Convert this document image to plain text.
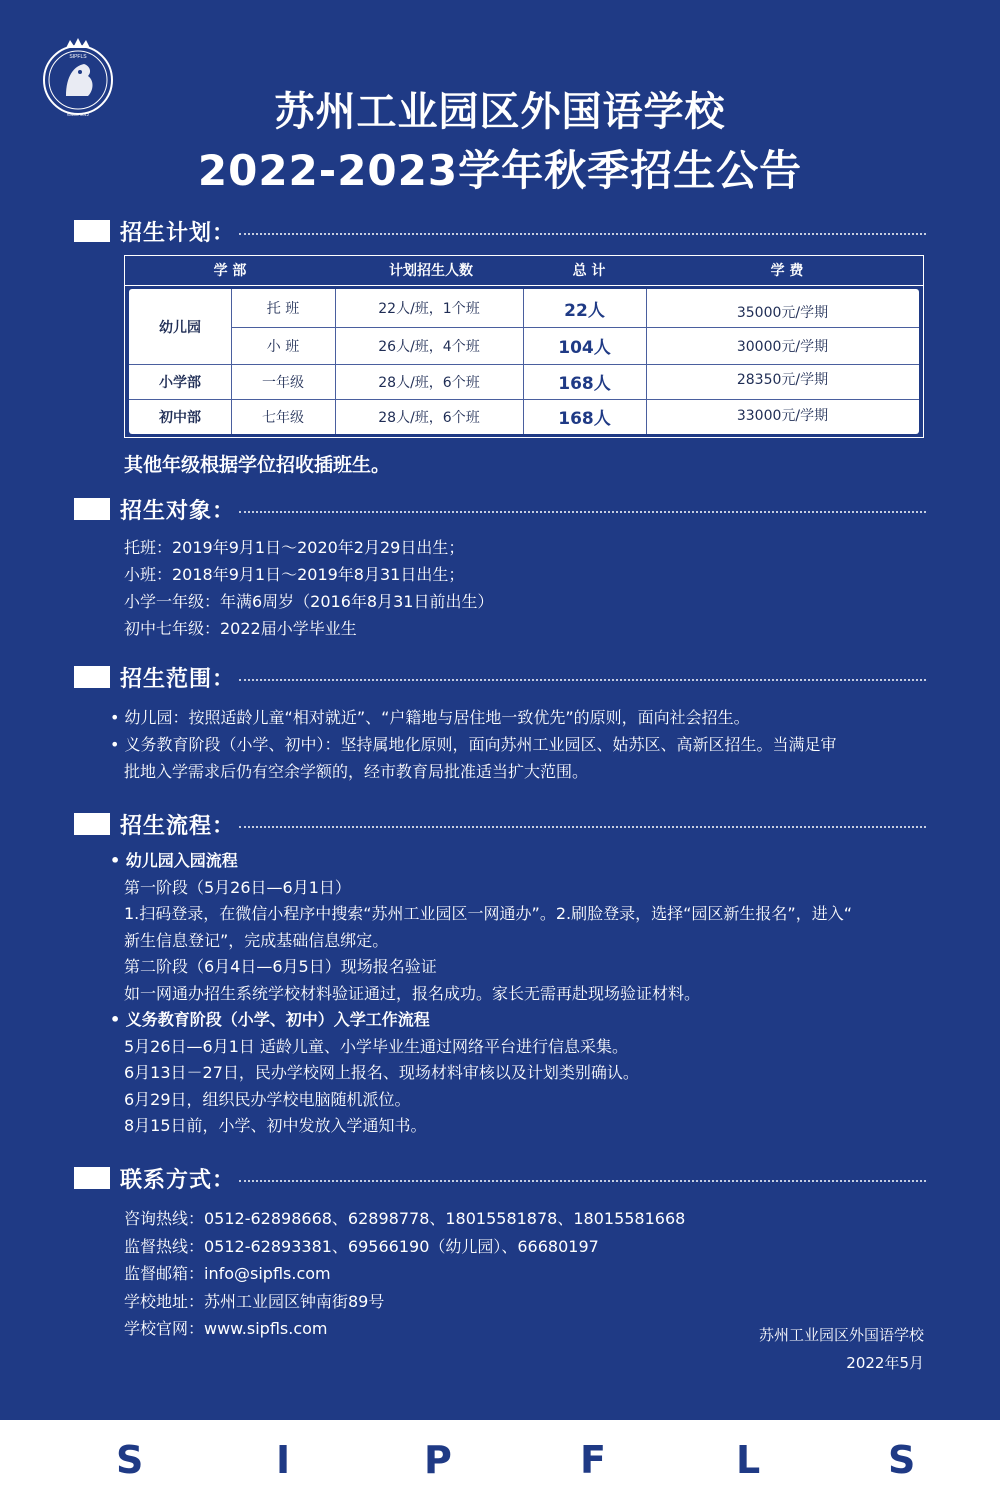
SIPFLS
SINCE 2012	苏州工业园区外国语学校
2022-2023学年秋季招生公告
招生计划：
学 部	计划招生人数	总 计	学 费
幼儿园
托 班	22人/班，1个班	22人	35000元/学期
小 班	26人/班，4个班	104人	30000元/学期
小学部	一年级	28人/班，6个班	168人	28350元/学期
初中部	七年级	28人/班，6个班	168人	33000元/学期
其他年级根据学位招收插班生。
招生对象：
托班：2019年9月1日～2020年2月29日出生；
小班：2018年9月1日～2019年8月31日出生；
小学一年级：年满6周岁（2016年8月31日前出生）
初中七年级：2022届小学毕业生
招生范围：
• 幼儿园：按照适龄儿童“相对就近”、“户籍地与居住地一致优先”的原则，面向社会招生。
• 义务教育阶段（小学、初中）：坚持属地化原则，面向苏州工业园区、姑苏区、高新区招生。当满足审
批地入学需求后仍有空余学额的，经市教育局批准适当扩大范围。
招生流程：
• 幼儿园入园流程
第一阶段（5月26日—6月1日）
1.扫码登录，在微信小程序中搜索“苏州工业园区一网通办”。2.刷脸登录，选择“园区新生报名”，进入“
新生信息登记”，完成基础信息绑定。
第二阶段（6月4日—6月5日）现场报名验证
如一网通办招生系统学校材料验证通过，报名成功。家长无需再赴现场验证材料。
• 义务教育阶段（小学、初中）入学工作流程
5月26日—6月1日 适龄儿童、小学毕业生通过网络平台进行信息采集。
6月13日－27日，民办学校网上报名、现场材料审核以及计划类别确认。
6月29日，组织民办学校电脑随机派位。
8月15日前，小学、初中发放入学通知书。
联系方式：
咨询热线：0512-62898668、62898778、18015581878、18015581668
监督热线：0512-62893381、69566190（幼儿园）、66680197
监督邮箱：info@sipfls.com
学校地址：苏州工业园区钟南街89号
学校官网：www.sipfls.com	苏州工业园区外国语学校
2022年5月
S	I	P	F	L	S
